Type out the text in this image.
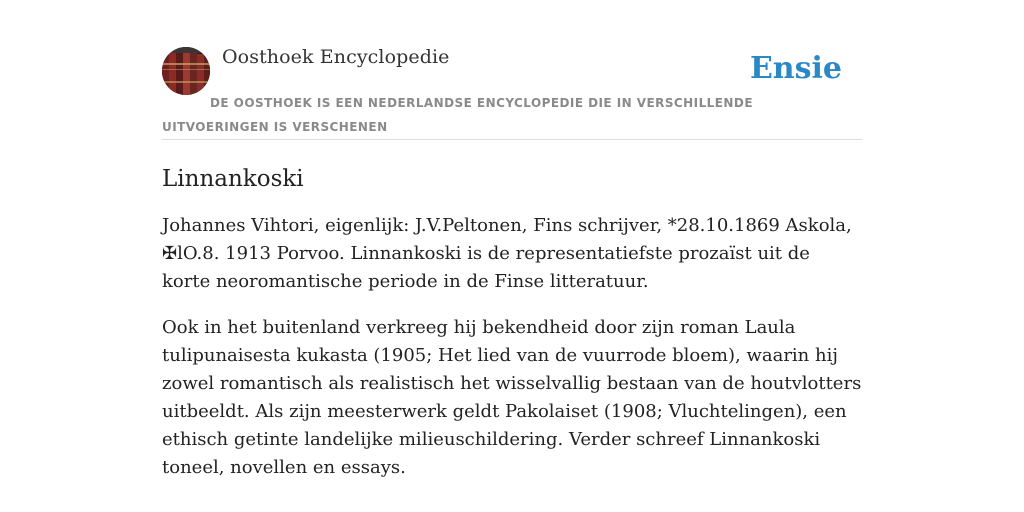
Oosthoek Encyclopedie	Ensie
DE OOSTHOEK IS EEN NEDERLANDSE ENCYCLOPEDIE DIE IN VERSCHILLENDE UITVOERINGEN IS VERSCHENEN
Linnankoski

Johannes Vihtori, eigenlijk: J.V.Peltonen, Fins schrijver, *28.10.1869 Askola, ✠lO.8. 1913 Porvoo. Linnankoski is de representatiefste prozaïst uit de korte neoromantische periode in de Finse litteratuur.

Ook in het buitenland verkreeg hij bekendheid door zijn roman Laula tulipunaisesta kukasta (1905; Het lied van de vuurrode bloem), waarin hij zowel romantisch als realistisch het wisselvallig bestaan van de houtvlotters uitbeeldt. Als zijn meesterwerk geldt Pakolaiset (1908; Vluchtelingen), een ethisch getinte landelijke milieuschildering. Verder schreef Linnankoski toneel, novellen en essays.
